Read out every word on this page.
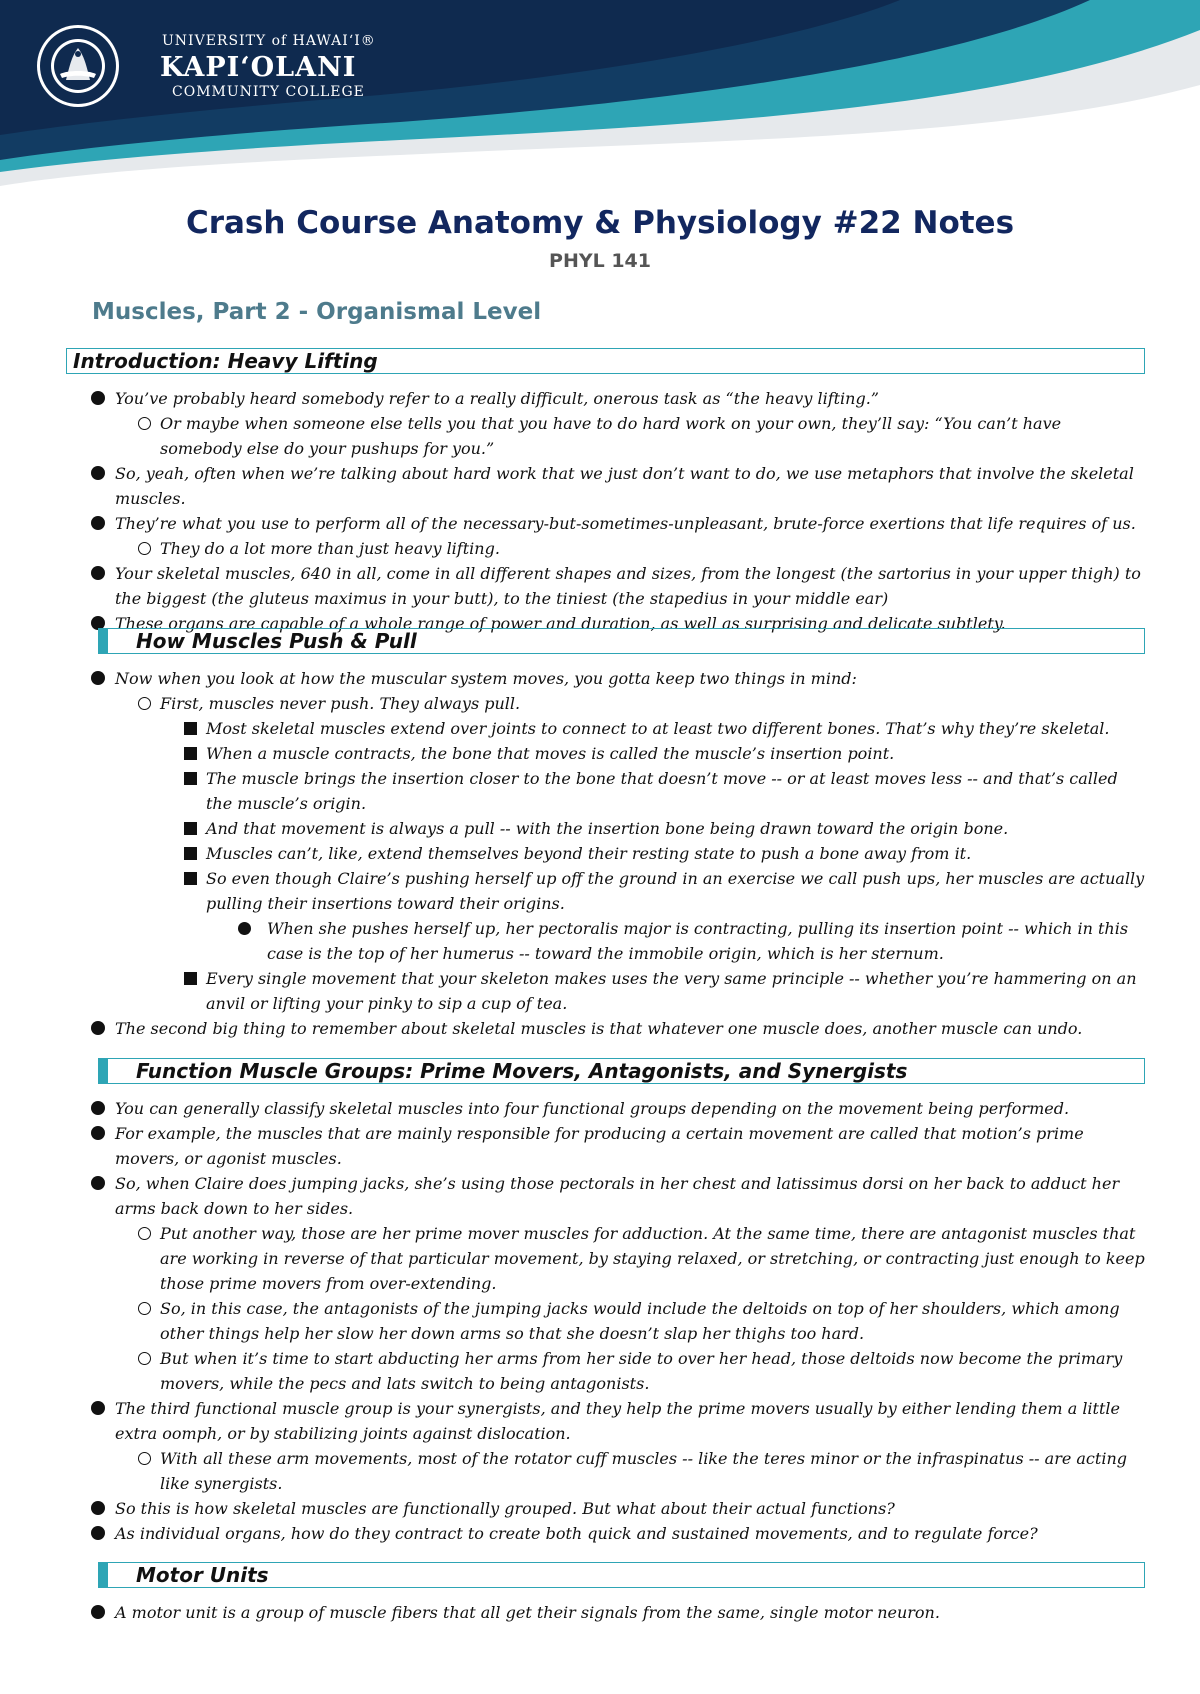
UNIVERSITY of HAWAI‘I®
KAPI‘OLANI
COMMUNITY COLLEGE
Crash Course Anatomy & Physiology #22 Notes
PHYL 141
Muscles, Part 2 - Organismal Level
Introduction: Heavy Lifting
You’ve probably heard somebody refer to a really difficult, onerous task as “the heavy lifting.”
Or maybe when someone else tells you that you have to do hard work on your own, they’ll say: “You can’t have somebody else do your pushups for you.”
So, yeah, often when we’re talking about hard work that we just don’t want to do, we use metaphors that involve the skeletal muscles.
They’re what you use to perform all of the necessary-but-sometimes-unpleasant, brute-force exertions that life requires of us.
They do a lot more than just heavy lifting.
Your skeletal muscles, 640 in all, come in all different shapes and sizes, from the longest (the sartorius in your upper thigh) to the biggest (the gluteus maximus in your butt), to the tiniest (the stapedius in your middle ear)
These organs are capable of a whole range of power and duration, as well as surprising and delicate subtlety.
How Muscles Push & Pull
Now when you look at how the muscular system moves, you gotta keep two things in mind:
First, muscles never push. They always pull.
Most skeletal muscles extend over joints to connect to at least two different bones. That’s why they’re skeletal.
When a muscle contracts, the bone that moves is called the muscle’s insertion point.
The muscle brings the insertion closer to the bone that doesn’t move -- or at least moves less -- and that’s called the muscle’s origin.
And that movement is always a pull -- with the insertion bone being drawn toward the origin bone.
Muscles can’t, like, extend themselves beyond their resting state to push a bone away from it.
So even though Claire’s pushing herself up off the ground in an exercise we call push ups, her muscles are actually pulling their insertions toward their origins.
When she pushes herself up, her pectoralis major is contracting, pulling its insertion point -- which in this case is the top of her humerus -- toward the immobile origin, which is her sternum.
Every single movement that your skeleton makes uses the very same principle -- whether you’re hammering on an anvil or lifting your pinky to sip a cup of tea.
The second big thing to remember about skeletal muscles is that whatever one muscle does, another muscle can undo.
Function Muscle Groups: Prime Movers, Antagonists, and Synergists
You can generally classify skeletal muscles into four functional groups depending on the movement being performed.
For example, the muscles that are mainly responsible for producing a certain movement are called that motion’s prime movers, or agonist muscles.
So, when Claire does jumping jacks, she’s using those pectorals in her chest and latissimus dorsi on her back to adduct her arms back down to her sides.
Put another way, those are her prime mover muscles for adduction. At the same time, there are antagonist muscles that are working in reverse of that particular movement, by staying relaxed, or stretching, or contracting just enough to keep those prime movers from over-extending.
So, in this case, the antagonists of the jumping jacks would include the deltoids on top of her shoulders, which among other things help her slow her down arms so that she doesn’t slap her thighs too hard.
But when it’s time to start abducting her arms from her side to over her head, those deltoids now become the primary movers, while the pecs and lats switch to being antagonists.
The third functional muscle group is your synergists, and they help the prime movers usually by either lending them a little extra oomph, or by stabilizing joints against dislocation.
With all these arm movements, most of the rotator cuff muscles -- like the teres minor or the infraspinatus -- are acting like synergists.
So this is how skeletal muscles are functionally grouped. But what about their actual functions?
As individual organs, how do they contract to create both quick and sustained movements, and to regulate force?
Motor Units
A motor unit is a group of muscle fibers that all get their signals from the same, single motor neuron.
